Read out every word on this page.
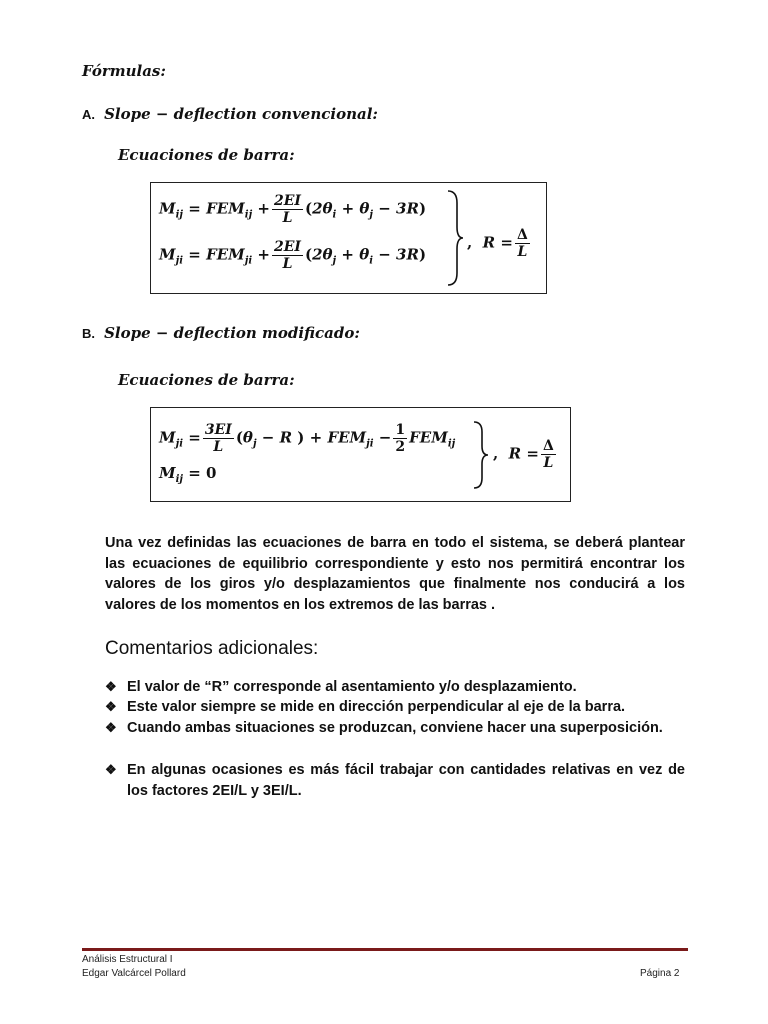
Fórmulas:
A. Slope − deflection convencional:
Ecuaciones de barra:
$M_{ij} = FEM_{ij} + \frac{2EI}{L} (2\theta_i + \theta_j - 3R)$
$M_{ji} = FEM_{ji} + \frac{2EI}{L} (2\theta_j + \theta_i - 3R)$
,  $R = \frac{\Delta}{L}$
B. Slope − deflection modificado:
Ecuaciones de barra:
$M_{ji} = \frac{3EI}{L} (\theta_j - R$ ) + $FEM_{ji} - \frac{1}{2} FEM_{ij}$
$M_{ij} = 0$
,  $R = \frac{\Delta}{L}$
Una vez definidas las ecuaciones de barra en todo el sistema, se deberá plantear las ecuaciones de equilibrio correspondiente y esto nos permitirá encontrar los valores de los giros y/o desplazamientos que finalmente nos conducirá a los valores de los momentos en los extremos de las barras .
Comentarios adicionales:
❖ El valor de “R” corresponde al asentamiento y/o desplazamiento.
❖ Este valor siempre se mide en dirección perpendicular al eje de la barra.
❖ Cuando ambas situaciones se produzcan, conviene hacer una superposición.
❖ En algunas ocasiones es más fácil trabajar con cantidades relativas en vez de los factores 2EI/L y 3EI/L.
Análisis Estructural I
Edgar Valcárcel Pollard	Página 2
